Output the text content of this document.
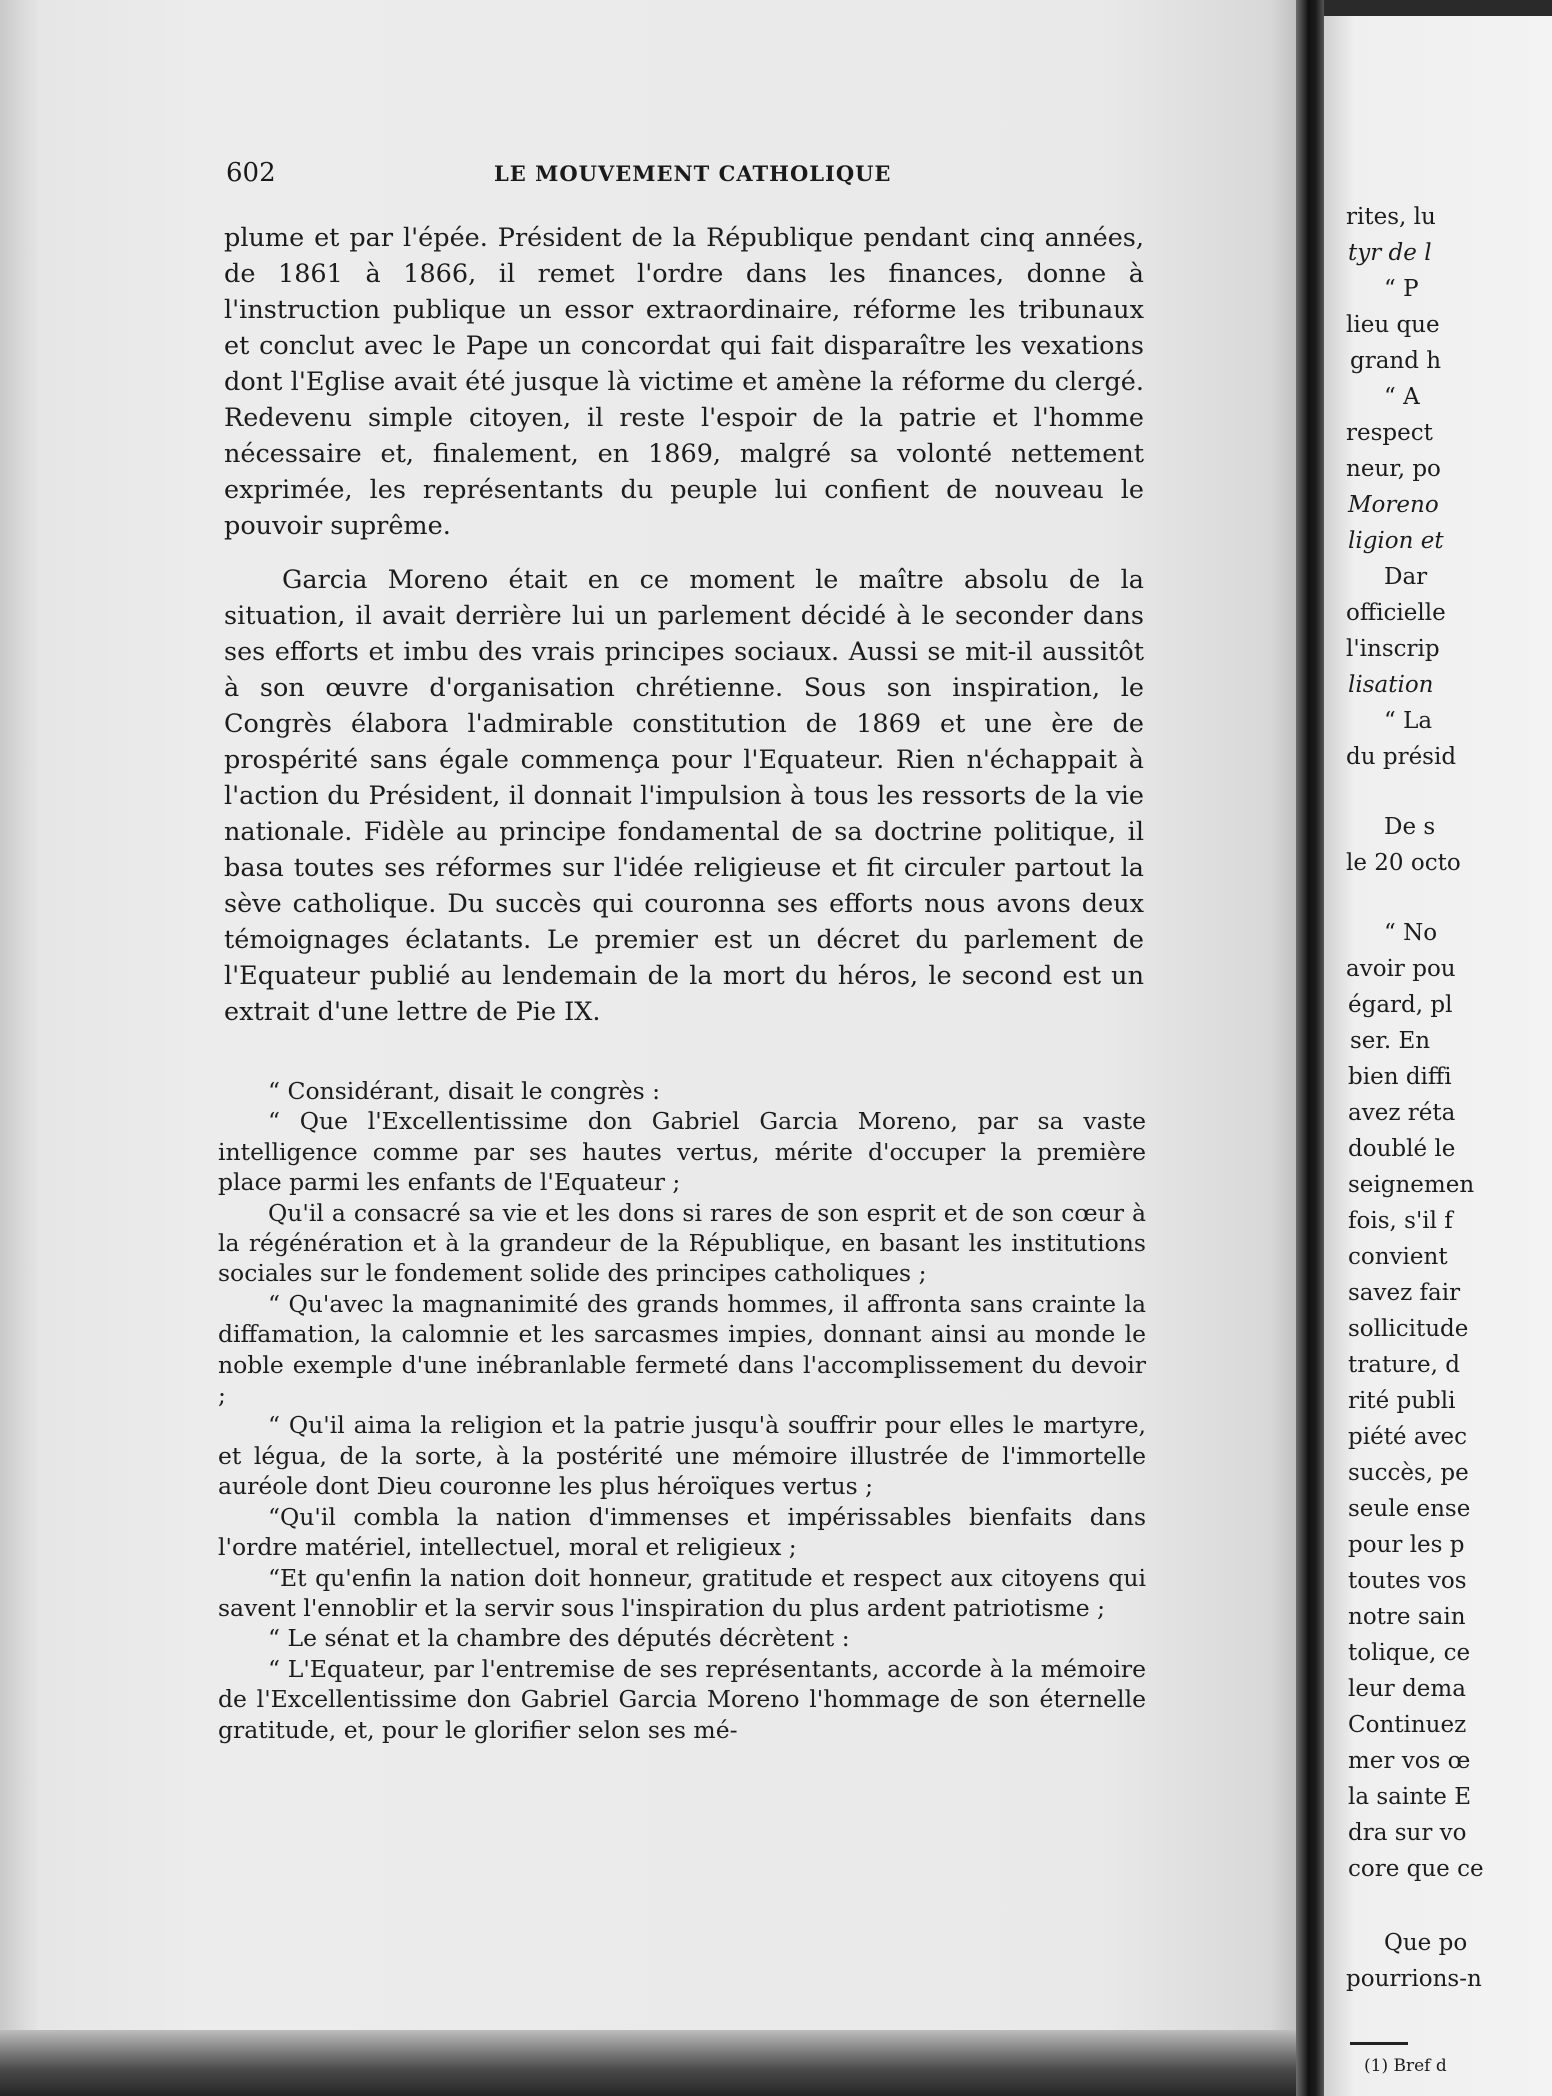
602	LE MOUVEMENT CATHOLIQUE

plume et par l'épée. Président de la République pendant cinq années, de 1861 à 1866, il remet l'ordre dans les finances, donne à l'instruction publique un essor extraordinaire, réforme les tribunaux et conclut avec le Pape un concordat qui fait disparaître les vexations dont l'Eglise avait été jusque là victime et amène la réforme du clergé. Redevenu simple citoyen, il reste l'espoir de la patrie et l'homme nécessaire et, finalement, en 1869, malgré sa volonté nettement exprimée, les représentants du peuple lui confient de nouveau le pouvoir suprême.

Garcia Moreno était en ce moment le maître absolu de la situation, il avait derrière lui un parlement décidé à le seconder dans ses efforts et imbu des vrais principes sociaux. Aussi se mit-il aussitôt à son œuvre d'organisation chrétienne. Sous son inspiration, le Congrès élabora l'admirable constitution de 1869 et une ère de prospérité sans égale commença pour l'Equateur. Rien n'échappait à l'action du Président, il donnait l'impulsion à tous les ressorts de la vie nationale. Fidèle au principe fondamental de sa doctrine politique, il basa toutes ses réformes sur l'idée religieuse et fit circuler partout la sève catholique. Du succès qui couronna ses efforts nous avons deux témoignages éclatants. Le premier est un décret du parlement de l'Equateur publié au lendemain de la mort du héros, le second est un extrait d'une lettre de Pie IX.

“ Considérant, disait le congrès :

“ Que l'Excellentissime don Gabriel Garcia Moreno, par sa vaste intelligence comme par ses hautes vertus, mérite d'occuper la première place parmi les enfants de l'Equateur ;

Qu'il a consacré sa vie et les dons si rares de son esprit et de son cœur à la régénération et à la grandeur de la République, en basant les institutions sociales sur le fondement solide des principes catholiques ;

“ Qu'avec la magnanimité des grands hommes, il affronta sans crainte la diffamation, la calomnie et les sarcasmes impies, donnant ainsi au monde le noble exemple d'une inébranlable fermeté dans l'accomplissement du devoir ;

“ Qu'il aima la religion et la patrie jusqu'à souffrir pour elles le martyre, et légua, de la sorte, à la postérité une mémoire illustrée de l'immortelle auréole dont Dieu couronne les plus héroïques vertus ;

“Qu'il combla la nation d'immenses et impérissables bienfaits dans l'ordre matériel, intellectuel, moral et religieux ;

“Et qu'enfin la nation doit honneur, gratitude et respect aux citoyens qui savent l'ennoblir et la servir sous l'inspiration du plus ardent patriotisme ;

“ Le sénat et la chambre des députés décrètent :

“ L'Equateur, par l'entremise de ses représentants, accorde à la mémoire de l'Excellentissime don Gabriel Garcia Moreno l'hommage de son éternelle gratitude, et, pour le glorifier selon ses mé-

rites, lu
tyr de l
“ P
lieu que
grand h
“ A
respect
neur, po
Moreno
ligion et
Dar
officielle
l'inscrip
lisation
“ La
du présid
De s
le 20 octo
“ No
avoir pou
égard, pl
ser. En
bien diffi
avez réta
doublé le
seignemen
fois, s'il f
convient
savez fair
sollicitude
trature, d
rité publi
piété avec
succès, pe
seule ense
pour les p
toutes vos
notre sain
tolique, ce
leur dema
Continuez
mer vos œ
la sainte E
dra sur vo
core que ce
Que po
pourrions-n
(1) Bref d
